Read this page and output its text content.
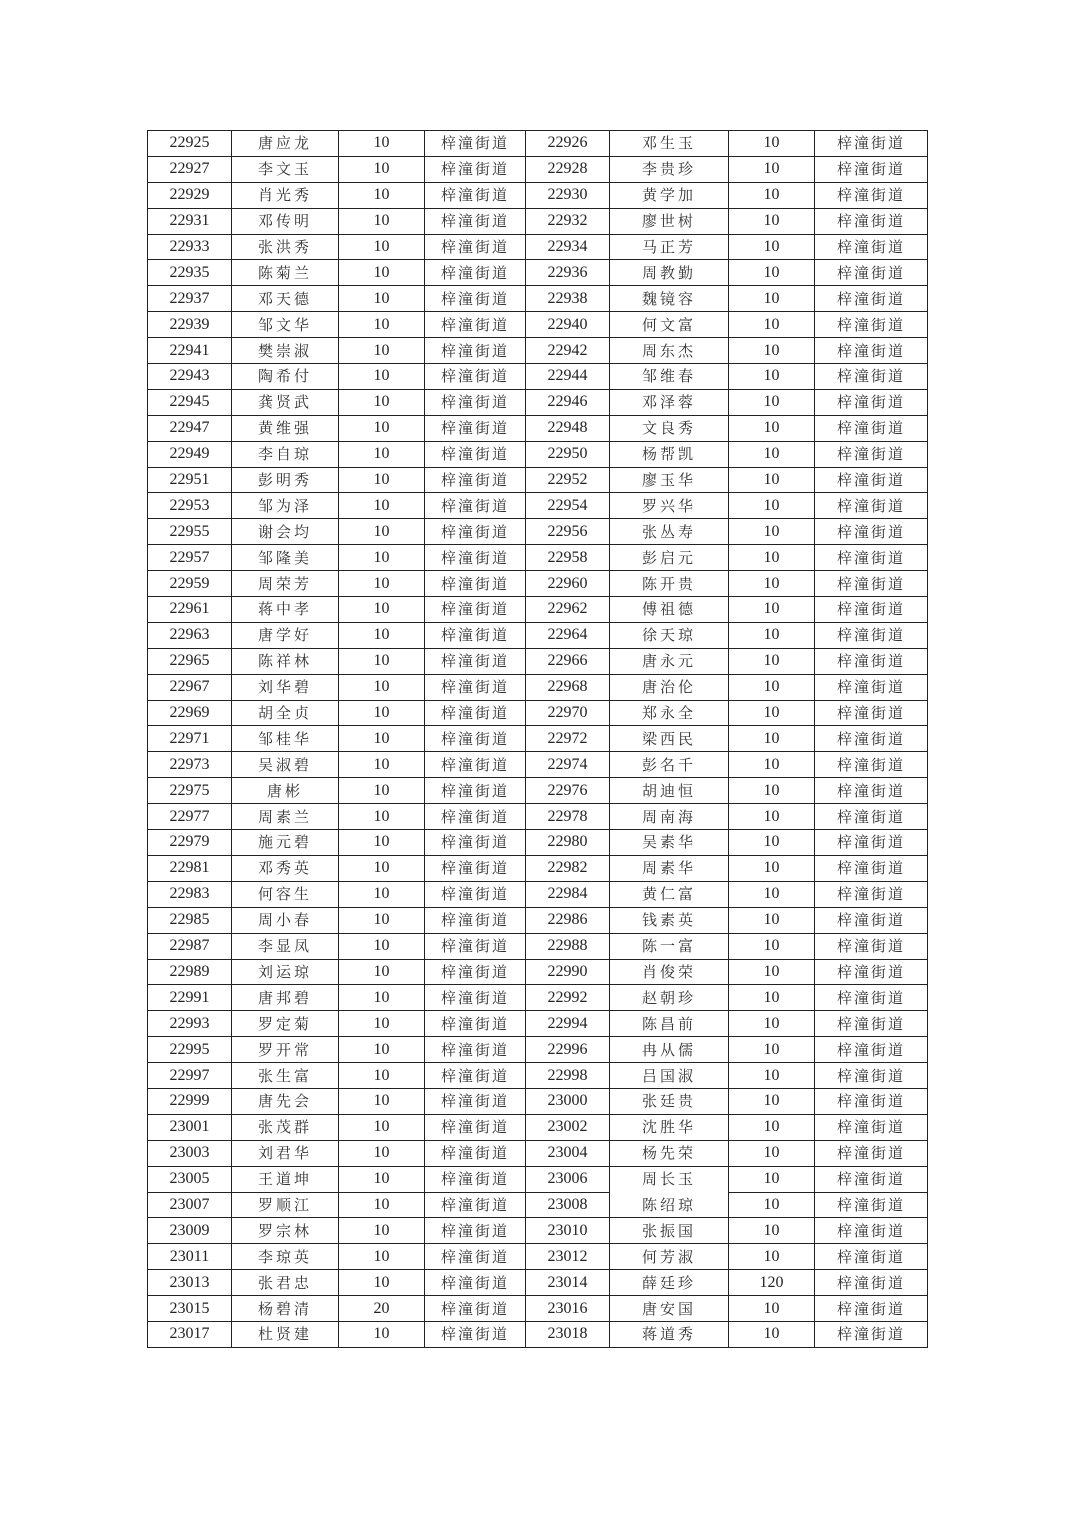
22925	唐应龙	10	梓潼街道	22926	邓生玉	10	梓潼街道
22927	李文玉	10	梓潼街道	22928	李贵珍	10	梓潼街道
22929	肖光秀	10	梓潼街道	22930	黄学加	10	梓潼街道
22931	邓传明	10	梓潼街道	22932	廖世树	10	梓潼街道
22933	张洪秀	10	梓潼街道	22934	马正芳	10	梓潼街道
22935	陈菊兰	10	梓潼街道	22936	周教勤	10	梓潼街道
22937	邓天德	10	梓潼街道	22938	魏镜容	10	梓潼街道
22939	邹文华	10	梓潼街道	22940	何文富	10	梓潼街道
22941	樊崇淑	10	梓潼街道	22942	周东杰	10	梓潼街道
22943	陶希付	10	梓潼街道	22944	邹维春	10	梓潼街道
22945	龚贤武	10	梓潼街道	22946	邓泽蓉	10	梓潼街道
22947	黄维强	10	梓潼街道	22948	文良秀	10	梓潼街道
22949	李自琼	10	梓潼街道	22950	杨帮凯	10	梓潼街道
22951	彭明秀	10	梓潼街道	22952	廖玉华	10	梓潼街道
22953	邹为泽	10	梓潼街道	22954	罗兴华	10	梓潼街道
22955	谢会均	10	梓潼街道	22956	张丛寿	10	梓潼街道
22957	邹隆美	10	梓潼街道	22958	彭启元	10	梓潼街道
22959	周荣芳	10	梓潼街道	22960	陈开贵	10	梓潼街道
22961	蒋中孝	10	梓潼街道	22962	傅祖德	10	梓潼街道
22963	唐学好	10	梓潼街道	22964	徐天琼	10	梓潼街道
22965	陈祥林	10	梓潼街道	22966	唐永元	10	梓潼街道
22967	刘华碧	10	梓潼街道	22968	唐治伦	10	梓潼街道
22969	胡全贞	10	梓潼街道	22970	郑永全	10	梓潼街道
22971	邹桂华	10	梓潼街道	22972	梁西民	10	梓潼街道
22973	吴淑碧	10	梓潼街道	22974	彭名千	10	梓潼街道
22975	唐彬	10	梓潼街道	22976	胡迪恒	10	梓潼街道
22977	周素兰	10	梓潼街道	22978	周南海	10	梓潼街道
22979	施元碧	10	梓潼街道	22980	吴素华	10	梓潼街道
22981	邓秀英	10	梓潼街道	22982	周素华	10	梓潼街道
22983	何容生	10	梓潼街道	22984	黄仁富	10	梓潼街道
22985	周小春	10	梓潼街道	22986	钱素英	10	梓潼街道
22987	李显凤	10	梓潼街道	22988	陈一富	10	梓潼街道
22989	刘运琼	10	梓潼街道	22990	肖俊荣	10	梓潼街道
22991	唐邦碧	10	梓潼街道	22992	赵朝珍	10	梓潼街道
22993	罗定菊	10	梓潼街道	22994	陈昌前	10	梓潼街道
22995	罗开常	10	梓潼街道	22996	冉从儒	10	梓潼街道
22997	张生富	10	梓潼街道	22998	吕国淑	10	梓潼街道
22999	唐先会	10	梓潼街道	23000	张廷贵	10	梓潼街道
23001	张茂群	10	梓潼街道	23002	沈胜华	10	梓潼街道
23003	刘君华	10	梓潼街道	23004	杨先荣	10	梓潼街道
23005	王道坤	10	梓潼街道	23006	周长玉	10	梓潼街道
23007	罗顺江	10	梓潼街道	23008	陈绍琼	10	梓潼街道
23009	罗宗林	10	梓潼街道	23010	张振国	10	梓潼街道
23011	李琼英	10	梓潼街道	23012	何芳淑	10	梓潼街道
23013	张君忠	10	梓潼街道	23014	薛廷珍	120	梓潼街道
23015	杨碧清	20	梓潼街道	23016	唐安国	10	梓潼街道
23017	杜贤建	10	梓潼街道	23018	蒋道秀	10	梓潼街道
